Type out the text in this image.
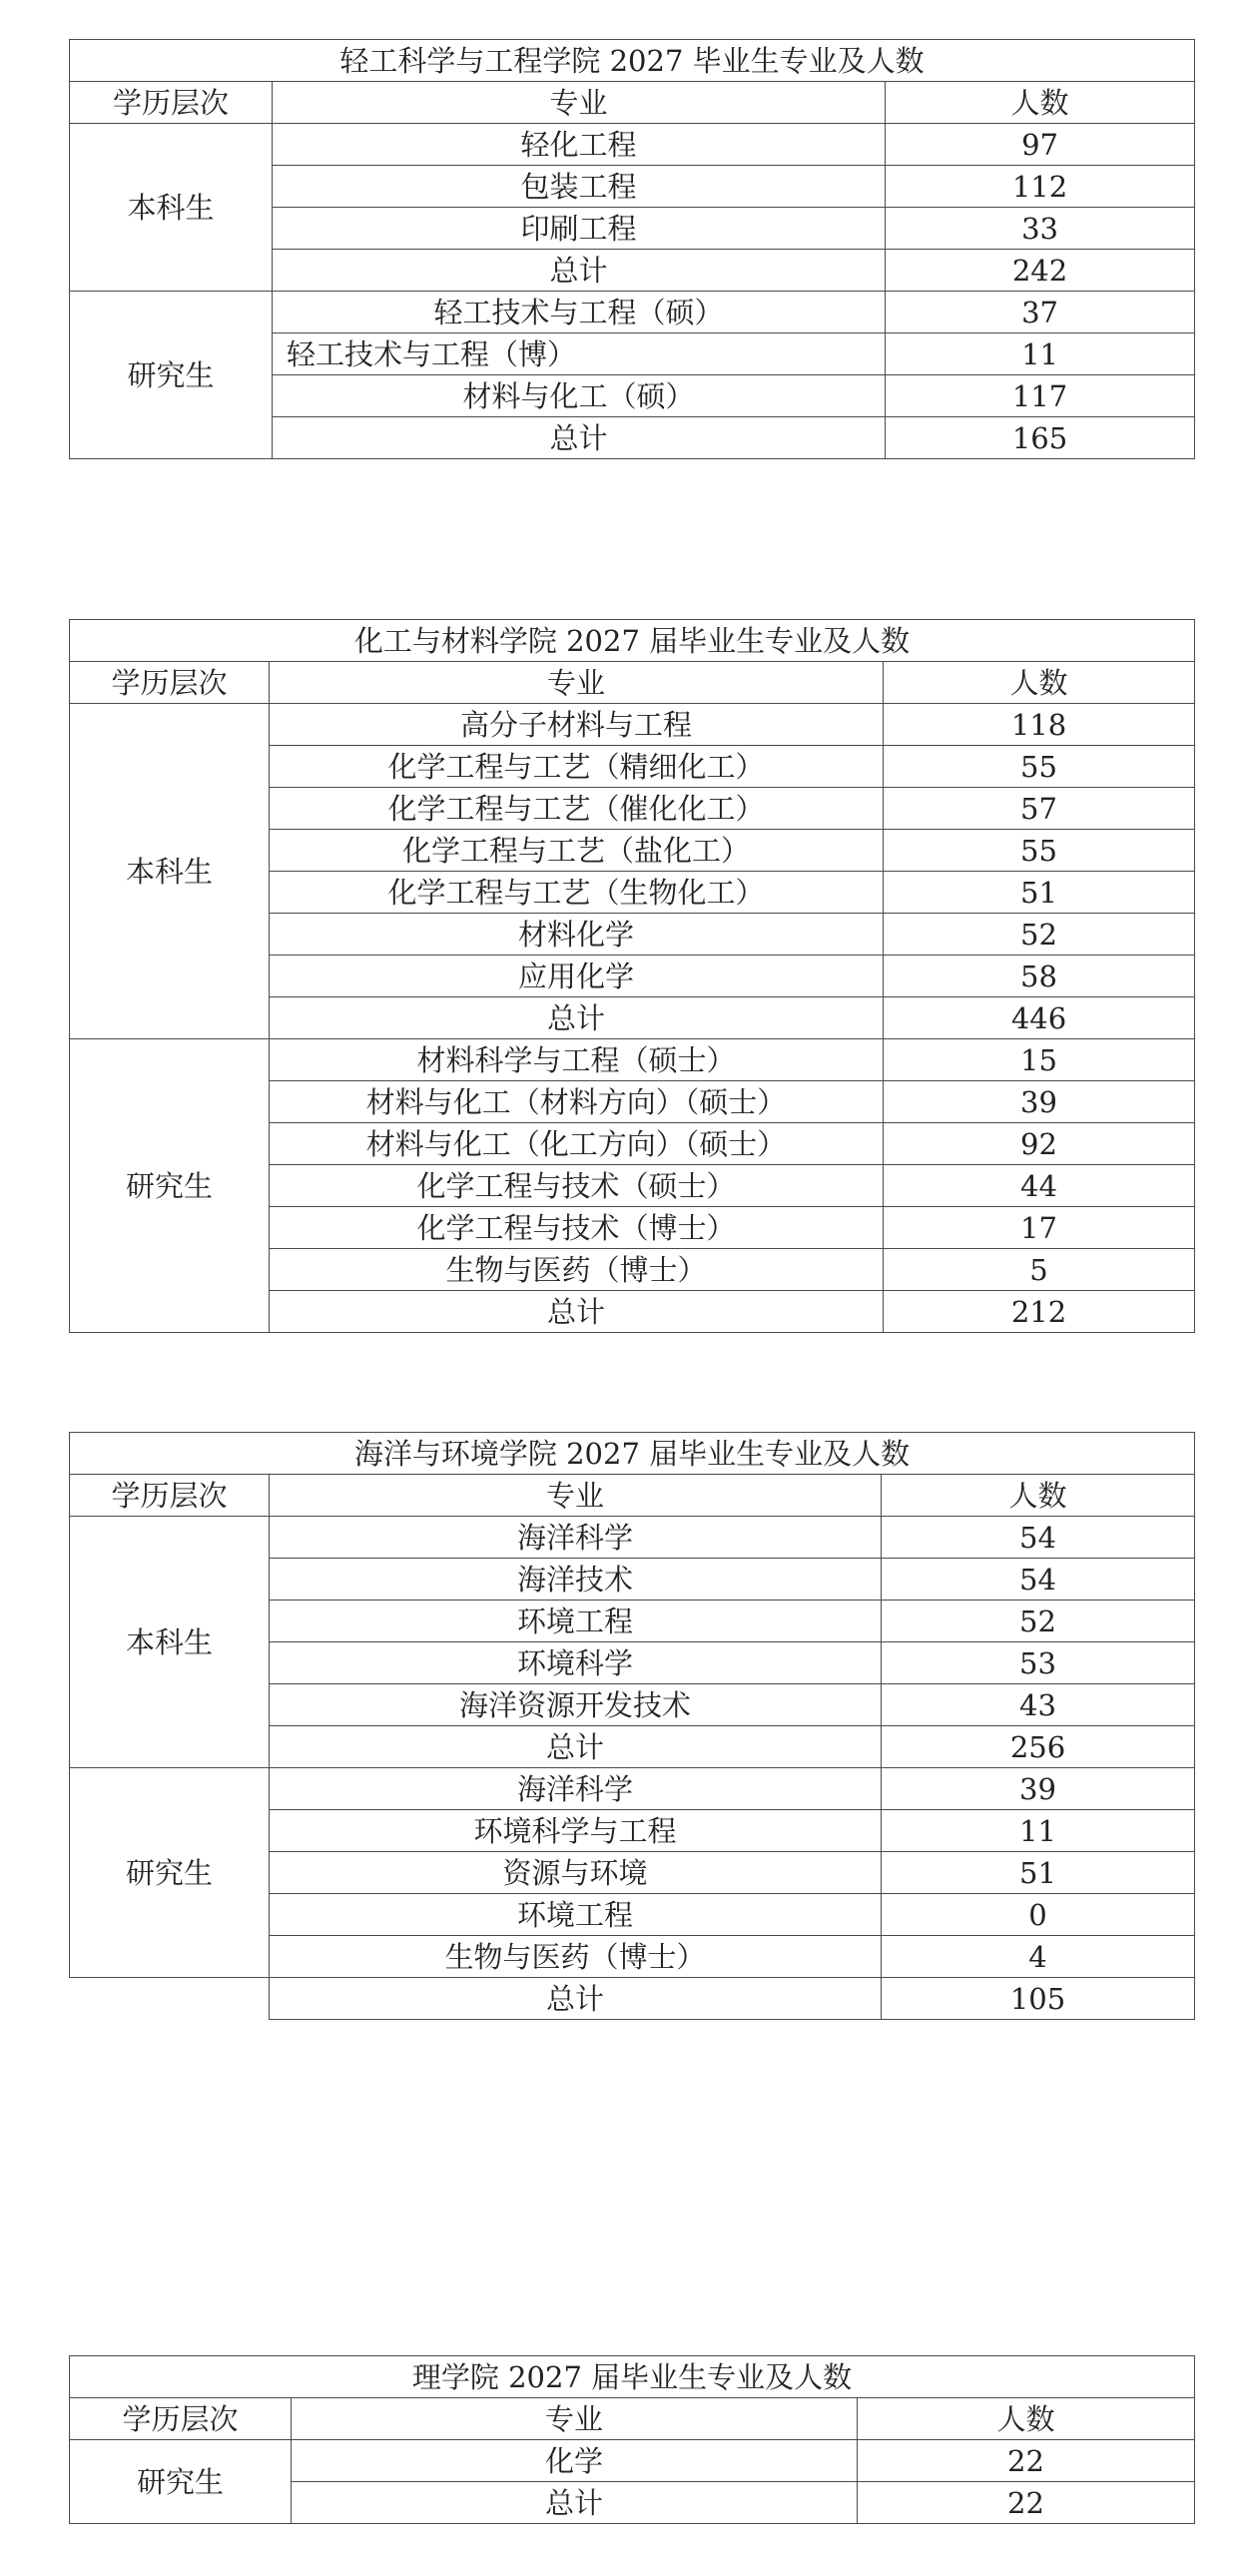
轻工科学与工程学院 2027 毕业生专业及人数		
学历层次	专业	人数
本科生	轻化工程	97
	包装工程	112
	印刷工程	33
	总计	242
研究生	轻工技术与工程（硕）	37
	轻工技术与工程（博）	11
	材料与化工（硕）	117
	总计	165
化工与材料学院 2027 届毕业生专业及人数		
学历层次	专业	人数
本科生	高分子材料与工程	118
	化学工程与工艺（精细化工）	55
	化学工程与工艺（催化化工）	57
	化学工程与工艺（盐化工）	55
	化学工程与工艺（生物化工）	51
	材料化学	52
	应用化学	58
	总计	446
研究生	材料科学与工程（硕士）	15
	材料与化工（材料方向）（硕士）	39
	材料与化工（化工方向）（硕士）	92
	化学工程与技术（硕士）	44
	化学工程与技术（博士）	17
	生物与医药（博士）	5
	总计	212
海洋与环境学院 2027 届毕业生专业及人数		
学历层次	专业	人数
本科生	海洋科学	54
	海洋技术	54
	环境工程	52
	环境科学	53
	海洋资源开发技术	43
	总计	256
研究生	海洋科学	39
	环境科学与工程	11
	资源与环境	51
	环境工程	0
	生物与医药（博士）	4
	总计	105
理学院 2027 届毕业生专业及人数		
学历层次	专业	人数
研究生	化学	22
	总计	22
